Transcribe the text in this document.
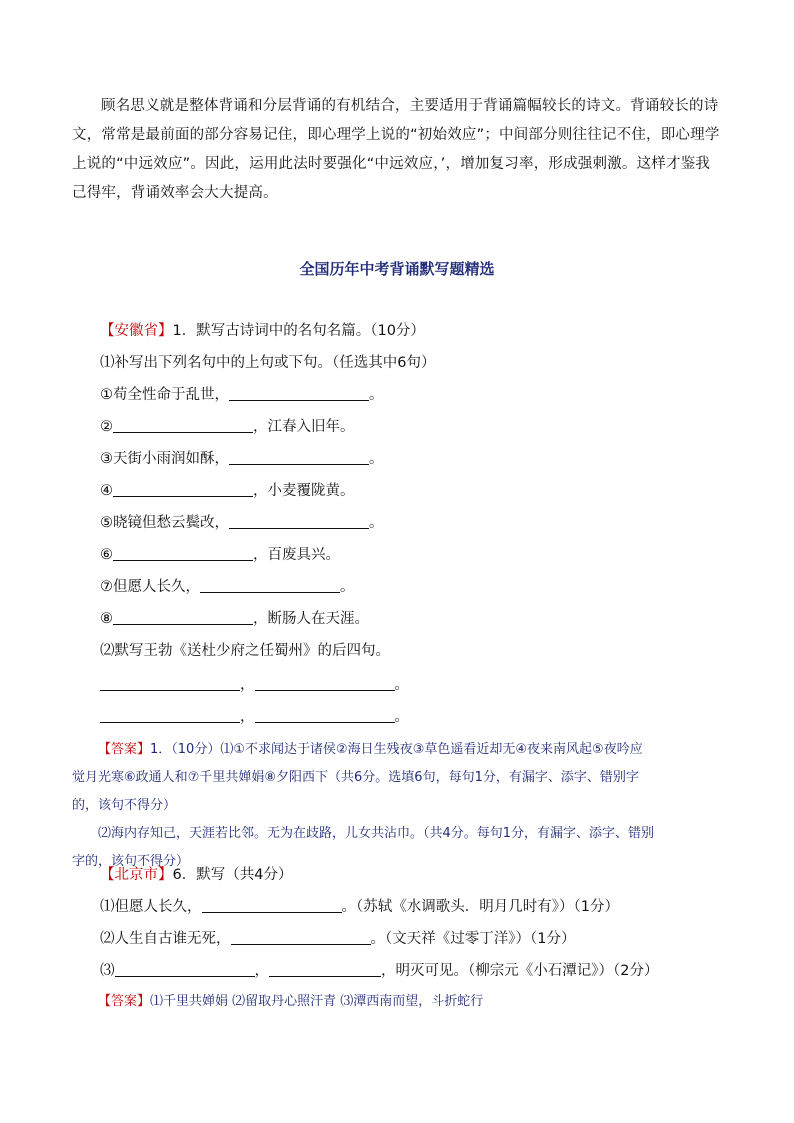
顾名思义就是整体背诵和分层背诵的有机结合，主要适用于背诵篇幅较长的诗文。背诵较长的诗文，常常是最前面的部分容易记住，即心理学上说的“初始效应”；中间部分则往往记不住，即心理学上说的“中远效应”。因此，运用此法时要强化“中远效应，’，增加复习率，形成强刺激。这样才鉴我己得牢，背诵效率会大大提高。
全国历年中考背诵默写题精选
【安徽省】1．默写古诗词中的名句名篇。（10分）
⑴补写出下列名句中的上句或下句。（任选其中6句）
①苟全性命于乱世，	。
②	，江春入旧年。
③天街小雨润如酥，	。
④	，小麦覆陇黄。
⑤晓镜但愁云鬓改，	。
⑥	，百废具兴。
⑦但愿人长久，	。
⑧	，断肠人在天涯。
⑵默写王勃《送杜少府之任蜀州》的后四句。
，	。
，	。
【答案】1．（10分）⑴①不求闻达于诸侯②海日生残夜③草色遥看近却无④夜来南风起⑤夜吟应
觉月光寒⑥政通人和⑦千里共婵娟⑧夕阳西下（共6分。选填6句，每句1分，有漏字、添字、错别字
的，该句不得分）
⑵海内存知己，天涯若比邻。无为在歧路，儿女共沾巾。（共4分。每句1分，有漏字、添字、错别
字的，该句不得分）
【北京市】6．默写（共4分）
⑴但愿人长久，	。（苏轼《水调歌头．明月几时有》）（1分）
⑵人生自古谁无死，	。（文天祥《过零丁洋》）（1分）
⑶	，	，明灭可见。（柳宗元《小石潭记》）（2分）
【答案】⑴千里共婵娟 ⑵留取丹心照汗青 ⑶潭西南而望，斗折蛇行
